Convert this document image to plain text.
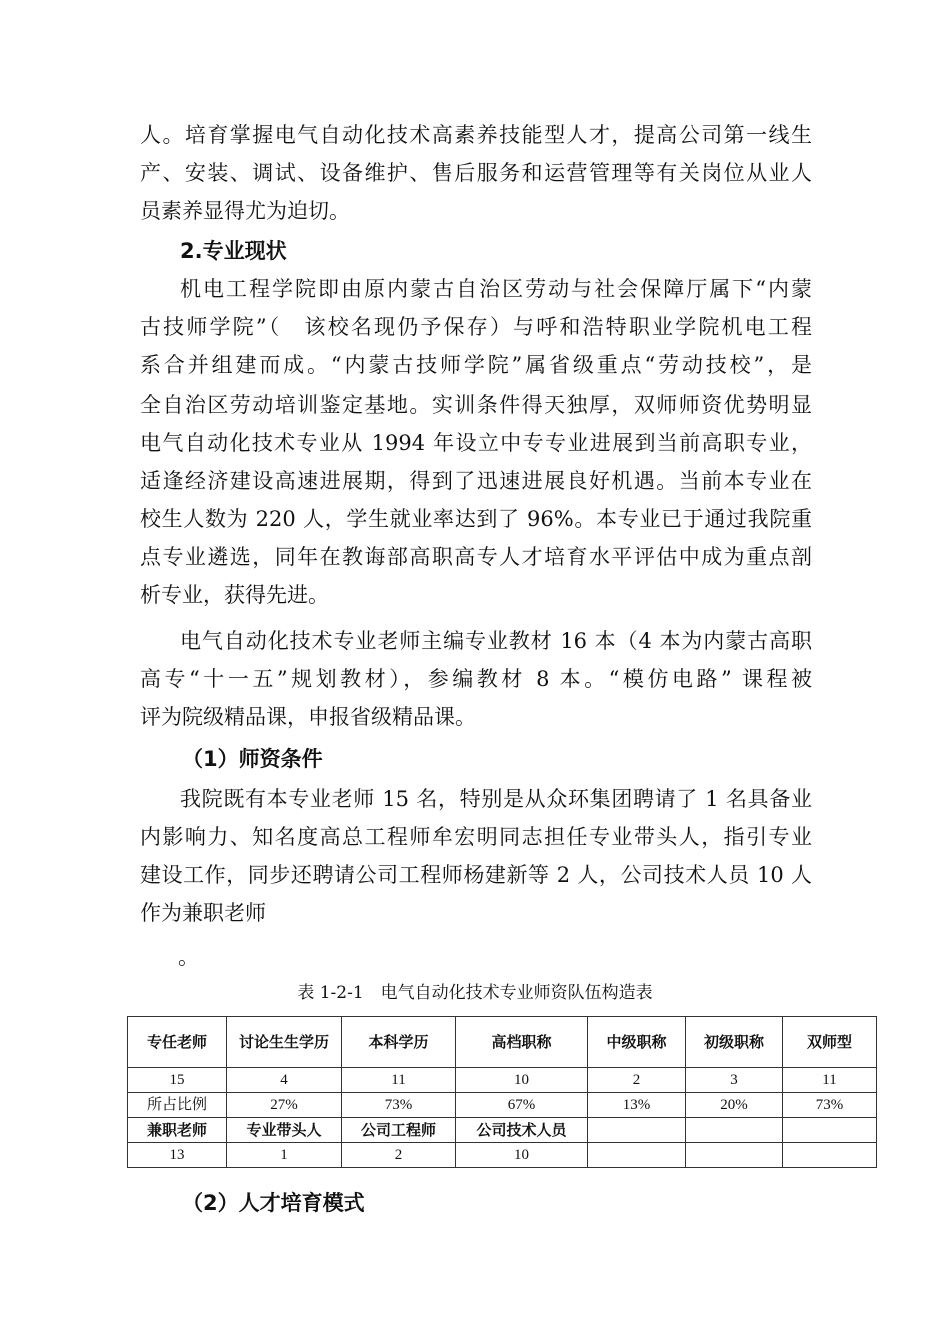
人。培育掌握电气自动化技术高素养技能型人才，提高公司第一线生
产、安装、调试、设备维护、售后服务和运营管理等有关岗位从业人
员素养显得尤为迫切。
2.专业现状
机电工程学院即由原内蒙古自治区劳动与社会保障厅属下“内蒙
古技师学院”（　该校名现仍予保存）与呼和浩特职业学院机电工程
系合并组建而成。“内蒙古技师学院”属省级重点“劳动技校”，是
全自治区劳动培训鉴定基地。实训条件得天独厚，双师师资优势明显
电气自动化技术专业从 1994 年设立中专专业进展到当前高职专业，
适逢经济建设高速进展期，得到了迅速进展良好机遇。当前本专业在
校生人数为 220 人，学生就业率达到了 96%。本专业已于通过我院重
点专业遴选，同年在教诲部高职高专人才培育水平评估中成为重点剖
析专业，获得先进。
电气自动化技术专业老师主编专业教材 16 本（4 本为内蒙古高职
高专“十一五”规划教材），参编教材 8 本。“模仿电路” 课程被
评为院级精品课，申报省级精品课。
（1）师资条件
我院既有本专业老师 15 名，特别是从众环集团聘请了 1 名具备业
内影响力、知名度高总工程师牟宏明同志担任专业带头人，指引专业
建设工作，同步还聘请公司工程师杨建新等 2 人，公司技术人员 10 人
作为兼职老师
。
表 1-2-1　电气自动化技术专业师资队伍构造表
专任老师	讨论生生学历	本科学历	高档职称	中级职称	初级职称	双师型
15	4	11	10	2	3	11
所占比例	27%	73%	67%	13%	20%	73%
兼职老师	专业带头人	公司工程师	公司技术人员			
13	1	2	10			
（2）人才培育模式
